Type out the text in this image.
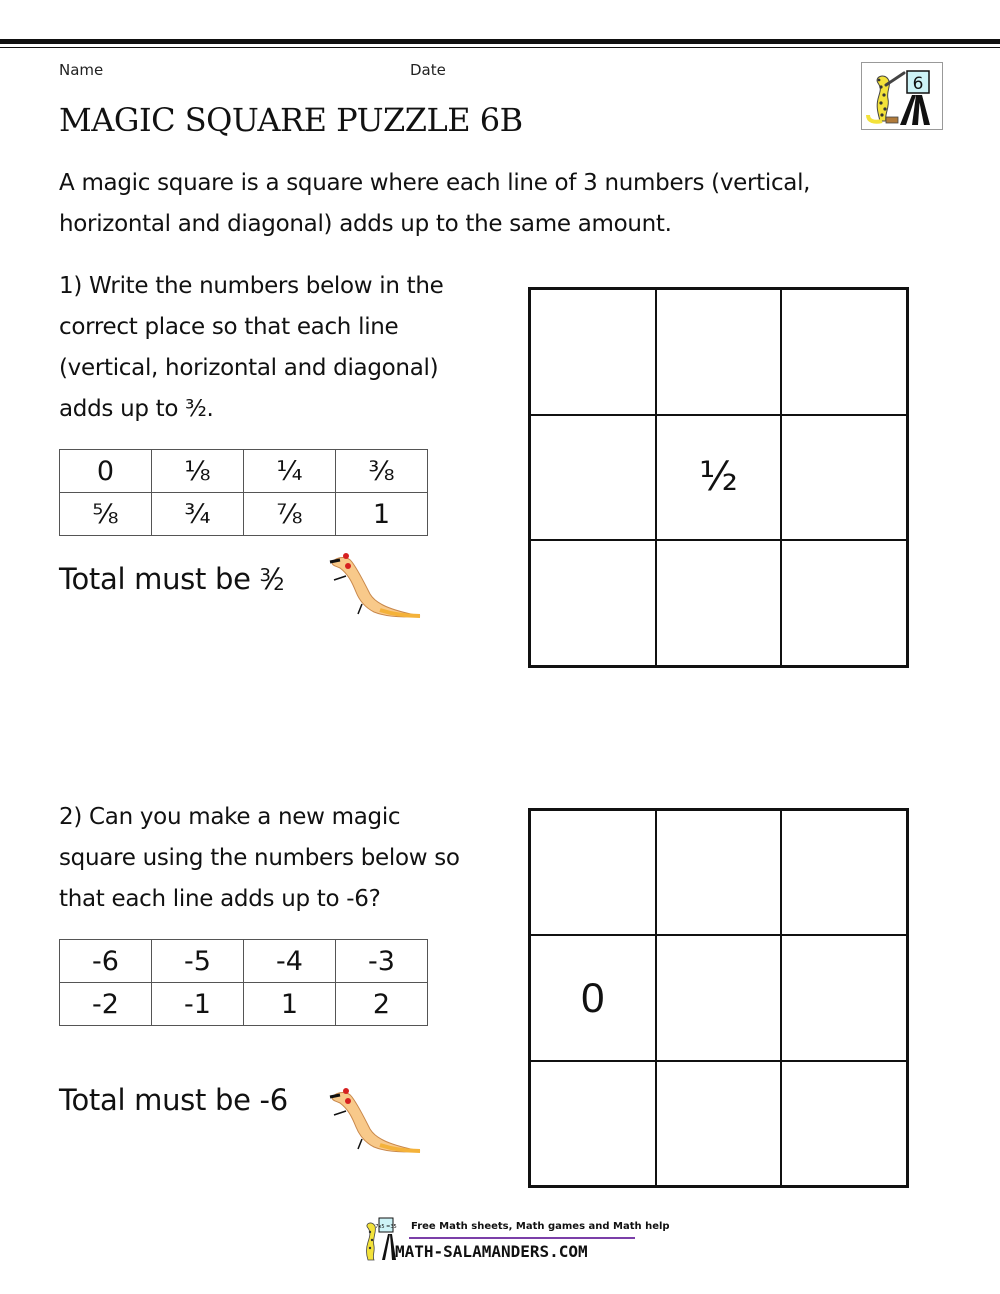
Name	Date
6
MAGIC SQUARE PUZZLE 6B
A magic square is a square where each line of 3 numbers (vertical, horizontal and diagonal) adds up to the same amount.
1) Write the numbers below in the
correct place so that each line
(vertical, horizontal and diagonal)
adds up to ³⁄₂.
0	⅛	¼	⅜
⅝	¾	⅞	1
Total must be $^3$⁄2
½
2) Can you make a new magic
square using the numbers below so
that each line adds up to -6?
-6	-5	-4	-3
-2	-1	1	2
Total must be -6
0
7x5 =35 Free Math sheets, Math games and Math help
MATH-SALAMANDERS.COM
